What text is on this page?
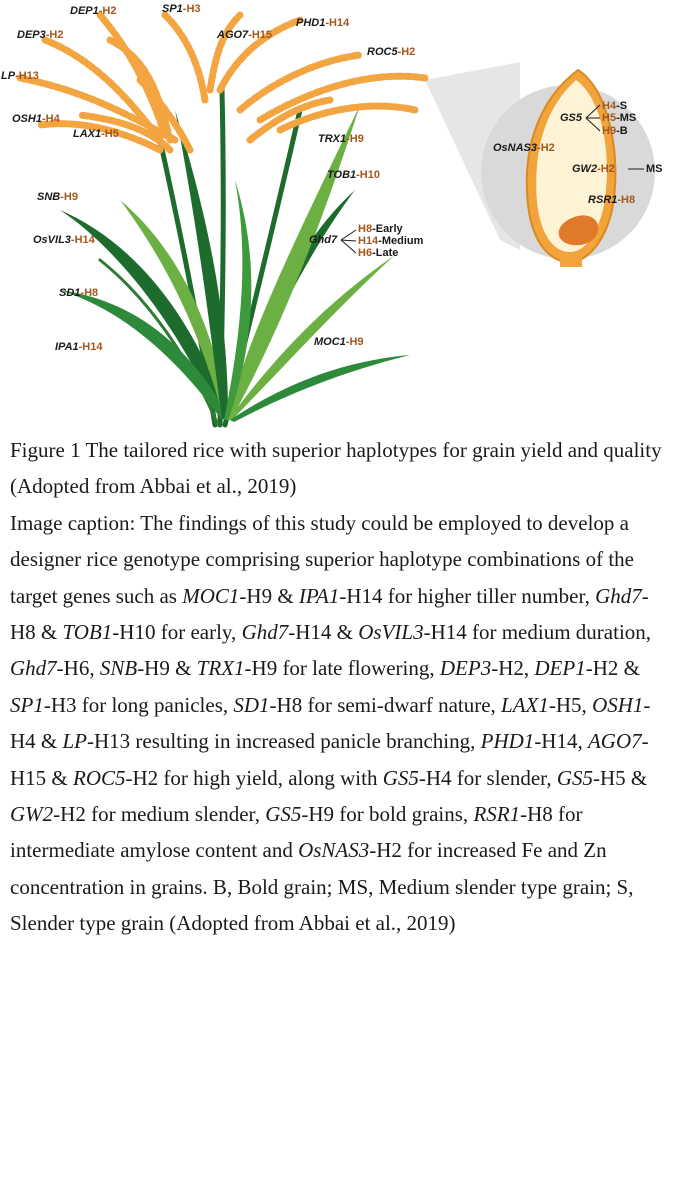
DEP1-H2	SP1-H3
PHD1-H14
DEP3-H2	AGO7-H15
ROC5-H2
LP-H13
OSH1-H4
LAX1-H5	TRX1-H9
TOB1-H10
SNB-H9
OsVIL3-H14
SD1-H8
IPA1-H14	MOC1-H9
Ghd7
H8-Early
H14-Medium
H6-Late
GS5
H4-S
H5-MS
H9-B
OsNAS3-H2
GW2-H2	MS
RSR1-H8

Figure 1 The tailored rice with superior haplotypes for grain yield and quality (Adopted from Abbai et al., 2019)

Image caption: The findings of this study could be employed to develop a designer rice genotype comprising superior haplotype combinations of the target genes such as MOC1-H9 & IPA1-H14 for higher tiller number, Ghd7-H8 & TOB1-H10 for early, Ghd7-H14 & OsVIL3-H14 for medium duration, Ghd7-H6, SNB-H9 & TRX1-H9 for late flowering, DEP3-H2, DEP1-H2 & SP1-H3 for long panicles, SD1-H8 for semi-dwarf nature, LAX1-H5, OSH1-H4 & LP-H13 resulting in increased panicle branching, PHD1-H14, AGO7-H15 & ROC5-H2 for high yield, along with GS5-H4 for slender, GS5-H5 & GW2-H2 for medium slender, GS5-H9 for bold grains, RSR1-H8 for intermediate amylose content and OsNAS3-H2 for increased Fe and Zn concentration in grains. B, Bold grain; MS, Medium slender type grain; S, Slender type grain (Adopted from Abbai et al., 2019)
